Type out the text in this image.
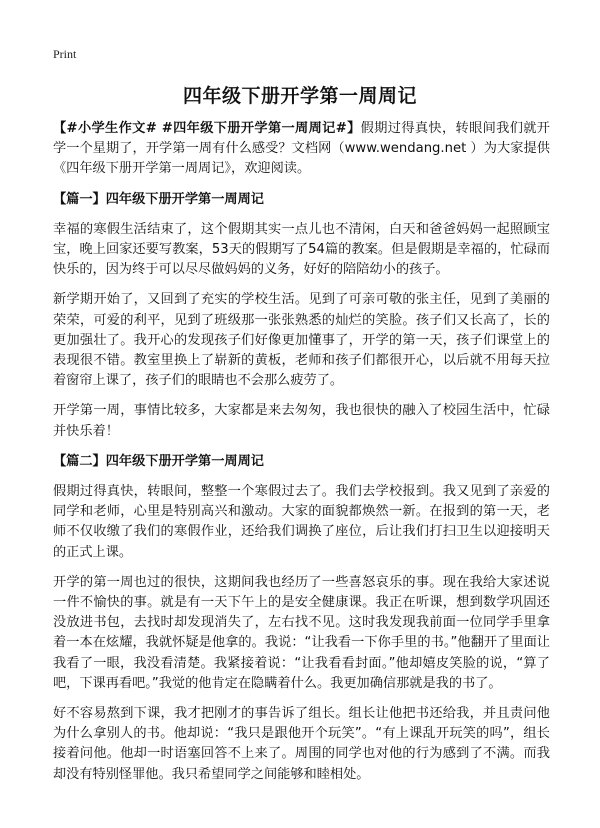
Print
四年级下册开学第一周周记

【#小学生作文# #四年级下册开学第一周周记#】假期过得真快，转眼间我们就开学一个星期了，开学第一周有什么感受？文档网（www.wendang.net ）为大家提供《四年级下册开学第一周周记》，欢迎阅读。

【篇一】四年级下册开学第一周周记

幸福的寒假生活结束了，这个假期其实一点儿也不清闲，白天和爸爸妈妈一起照顾宝宝，晚上回家还要写教案，53天的假期写了54篇的教案。但是假期是幸福的，忙碌而快乐的，因为终于可以尽尽做妈妈的义务，好好的陪陪幼小的孩子。

新学期开始了，又回到了充实的学校生活。见到了可亲可敬的张主任，见到了美丽的荣荣，可爱的利平，见到了班级那一张张熟悉的灿烂的笑脸。孩子们又长高了，长的更加强壮了。我开心的发现孩子们好像更加懂事了，开学的第一天，孩子们课堂上的表现很不错。教室里换上了崭新的黄板，老师和孩子们都很开心，以后就不用每天拉着窗帘上课了，孩子们的眼睛也不会那么疲劳了。

开学第一周，事情比较多，大家都是来去匆匆，我也很快的融入了校园生活中，忙碌并快乐着！

【篇二】四年级下册开学第一周周记

假期过得真快，转眼间，整整一个寒假过去了。我们去学校报到。我又见到了亲爱的同学和老师，心里是特别高兴和激动。大家的面貌都焕然一新。在报到的第一天，老师不仅收缴了我们的寒假作业，还给我们调换了座位，后让我们打扫卫生以迎接明天的正式上课。

开学的第一周也过的很快，这期间我也经历了一些喜怒哀乐的事。现在我给大家述说一件不愉快的事。就是有一天下午上的是安全健康课。我正在听课，想到数学巩固还没放进书包，去找时却发现消失了，左右找不见。这时我发现我前面一位同学手里拿着一本在炫耀，我就怀疑是他拿的。我说：“让我看一下你手里的书。”他翻开了里面让我看了一眼，我没看清楚。我紧接着说：“让我看看封面。”他却嬉皮笑脸的说，“算了吧，下课再看吧。”我觉的他肯定在隐瞒着什么。我更加确信那就是我的书了。

好不容易熬到下课，我才把刚才的事告诉了组长。组长让他把书还给我，并且责问他为什么拿别人的书。他却说：“我只是跟他开个玩笑”。“有上课乱开玩笑的吗”，组长接着问他。他却一时语塞回答不上来了。周围的同学也对他的行为感到了不满。而我却没有特别怪罪他。我只希望同学之间能够和睦相处。
